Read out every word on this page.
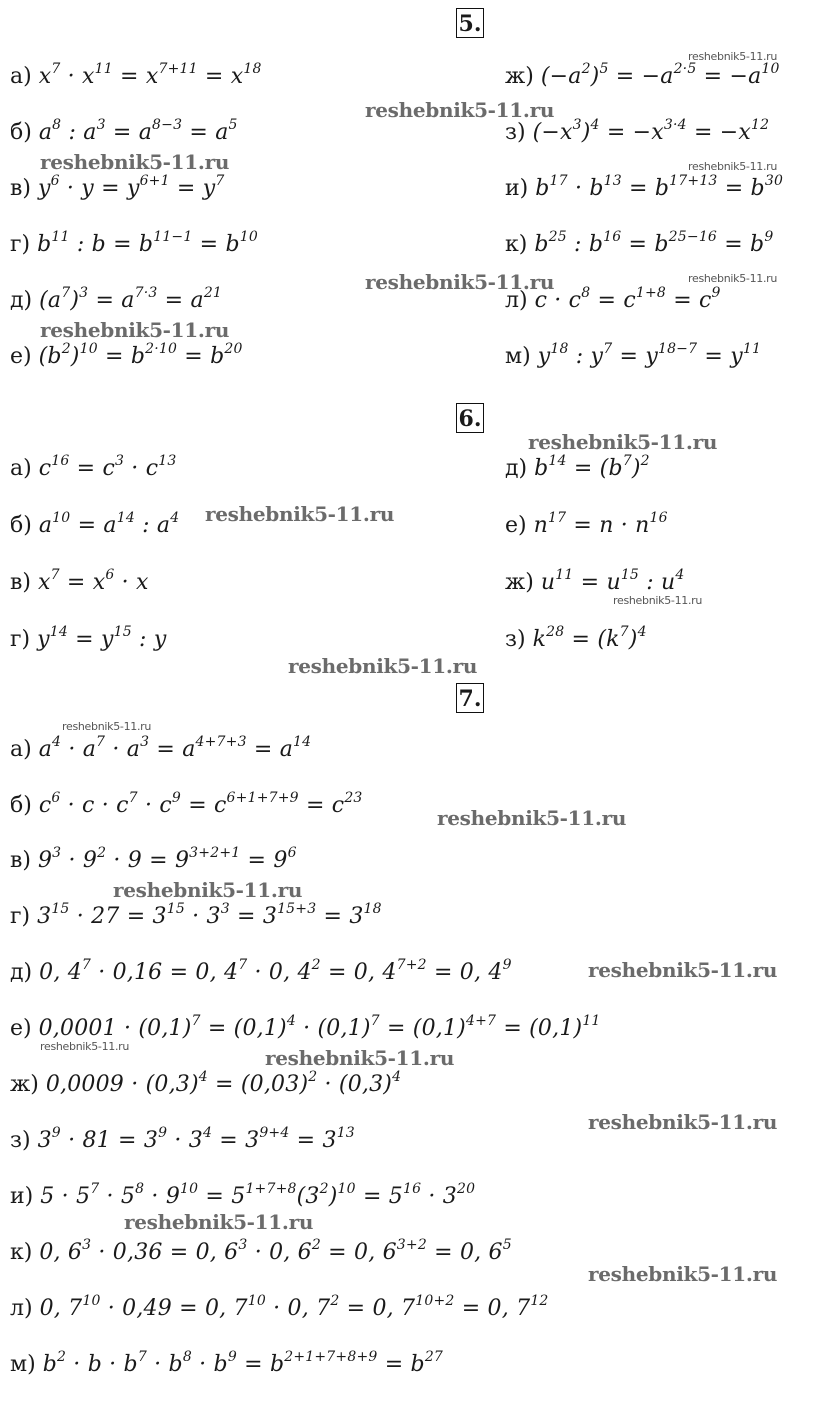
5.
6.
7.
а) $x^7 \cdot x^{11} = x^{7+11} = x^{18}$
б) $a^8$ : $a^3 = a^{8-3} = a^5$
в) $y^6 \cdot y = y^{6+1} = y^7$
г) $b^{11}$ : $b = b^{11-1} = b^{10}$
д) $(a^7)^3 = a^{7\cdot 3} = a^{21}$
е) $(b^2)^{10} = b^{2\cdot 10} = b^{20}$
ж) $(-a^2)^5 = -a^{2\cdot 5} = -a^{10}$
з) $(-x^3)^4 = -x^{3\cdot 4} = -x^{12}$
и) $b^{17} \cdot b^{13} = b^{17+13} = b^{30}$
к) $b^{25}$ : $b^{16} = b^{25-16} = b^9$
л) $c \cdot c^8 = c^{1+8} = c^9$
м) $y^{18}$ : $y^7 = y^{18-7} = y^{11}$
а) $c^{16} = c^3 \cdot c^{13}$
б) $a^{10} = a^{14}$ : $a^4$
в) $x^7 = x^6 \cdot x$
г) $y^{14} = y^{15}$ : y
д) $b^{14} = (b^7)^2$
е) $n^{17} = n \cdot n^{16}$
ж) $u^{11} = u^{15}$ : $u^4$
з) $k^{28} = (k^7)^4$
а) $a^4 \cdot a^7 \cdot a^3 = a^{4+7+3} = a^{14}$
б) $c^6 \cdot c \cdot c^7 \cdot c^9 = c^{6+1+7+9} = c^{23}$
в) $9^3 \cdot 9^2 \cdot 9 = 9^{3+2+1} = 9^6$
г) $3^{15} \cdot 27 = 3^{15} \cdot 3^3 = 3^{15+3} = 3^{18}$
д) 0, $4^7 \cdot 0,16 = 0$, $4^7 \cdot 0$, $4^2 = 0$, $4^{7+2} = 0$, $4^9$
е) $0,0001 \cdot (0,1)^7 = (0,1)^4 \cdot (0,1)^7 = (0,1)^{4+7} = (0,1)^{11}$
ж) $0,0009 \cdot (0,3)^4 = (0,03)^2 \cdot (0,3)^4$
з) $3^9 \cdot 81 = 3^9 \cdot 3^4 = 3^{9+4} = 3^{13}$
и) $5 \cdot 5^7 \cdot 5^8 \cdot 9^{10} = 5^{1+7+8}(3^2)^{10} = 5^{16} \cdot 3^{20}$
к) 0, $6^3 \cdot 0,36 = 0$, $6^3 \cdot 0$, $6^2 = 0$, $6^{3+2} = 0$, $6^5$
л) 0, $7^{10} \cdot 0,49 = 0$, $7^{10} \cdot 0$, $7^2 = 0$, $7^{10+2} = 0$, $7^{12}$
м) $b^2 \cdot b \cdot b^7 \cdot b^8 \cdot b^9 = b^{2+1+7+8+9} = b^{27}$
reshebnik5-11.ru
reshebnik5-11.ru
reshebnik5-11.ru	reshebnik5-11.ru
reshebnik5-11.ru	reshebnik5-11.ru
reshebnik5-11.ru
reshebnik5-11.ru
reshebnik5-11.ru
reshebnik5-11.ru
reshebnik5-11.ru
reshebnik5-11.ru
reshebnik5-11.ru
reshebnik5-11.ru
reshebnik5-11.ru
reshebnik5-11.ru	reshebnik5-11.ru
reshebnik5-11.ru
reshebnik5-11.ru
reshebnik5-11.ru
